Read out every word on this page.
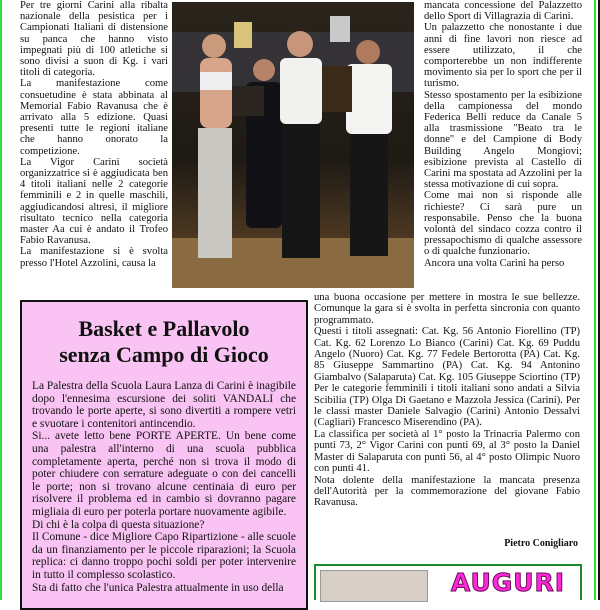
Per tre giorni Carini alla ribalta nazionale della pesistica per i Campionati Italiani di distensione su panca che hanno visto impegnati più di 100 atletiche si sono divisi a suon di Kg. i vari titoli di categoria.

La manifestazione come consuetudine è stata abbinata al Memorial Fabio Ravanusa che è arrivato alla 5 edizione. Quasi presenti tutte le regioni italiane che hanno onorato la competizione.

La Vigor Carini società organizzatrice si è aggiudicata ben 4 titoli italiani nelle 2 categorie femminili e 2 in quelle maschili, aggiudicandosi altresì, il migliore risultato tecnico nella categoria master Aa cui è andato il Trofeo Fabio Ravanusa.

La manifestazione si è svolta presso l'Hotel Azzolini, causa la

mancata concessione del Palazzetto dello Sport di Villagrazia di Carini.

Un palazzetto che nonostante i due anni di fine lavori non riesce ad essere utilizzato, il che comporterebbe un non indifferente movimento sia per lo sport che per il turismo.

Stesso spostamento per la esibizione della campionessa del mondo Federica Belli reduce da Canale 5 alla trasmissione "Beato tra le donne" e del Campione di Body Building Angelo Mongiovi; esibizione prevista al Castello di Carini ma spostata ad Azzolini per la stessa motivazione di cui sopra.

Come mai non si risponde alle richieste? Ci sarà pure un responsabile. Penso che la buona volontà del sindaco cozza contro il pressapochismo di qualche assessore o di qualche funzionario.

Ancora una volta Carini ha perso

una buona occasione per mettere in mostra le sue bellezze. Comunque la gara si è svolta in perfetta sincronia con quanto programmato.

Questi i titoli assegnati: Cat. Kg. 56 Antonio Fiorellino (TP) Cat. Kg. 62 Lorenzo Lo Bianco (Carini) Cat. Kg. 69 Puddu Angelo (Nuoro) Cat. Kg. 77 Fedele Bertorotta (PA) Cat. Kg. 85 Giuseppe Sammartino (PA) Cat. Kg. 94 Antonino Giambalvo (Salaparuta) Cat. Kg. 105 Giuseppe Sciortino (TP) Per le categorie femminili i titoli italiani sono andati a Silvia Scibilia (TP) Olga Di Gaetano e Mazzola Jessica (Carini). Per le classi master Daniele Salvagio (Carini) Antonio Dessalvi (Cagliari) Francesco Miserendino (PA).

La classifica per società al 1° posto la Trinacria Palermo con punti 73, 2° Vigor Carini con punti 69, al 3° posto la Daniel Master di Salaparuta con punti 56, al 4° posto Olimpic Nuoro con punti 41.

Nota dolente della manifestazione la mancata presenza dell'Autorità per la commemorazione del giovane Fabio Ravanusa.

Pietro Conigliaro
Basket e Pallavolo
senza Campo di Gioco

La Palestra della Scuola Laura Lanza di Carini è inagibile dopo l'ennesima escursione dei soliti VANDALI che trovando le porte aperte, si sono divertiti a rompere vetri e svuotare i contenitori antincendio.

Si... avete letto bene PORTE APERTE. Un bene come una palestra all'interno di una scuola pubblica completamente aperta, perché non si trova il modo di poter chiudere con serrature adeguate o con dei cancelli le porte; non si trovano alcune centinaia di euro per risolvere il problema ed in cambio si dovranno pagare migliaia di euro per poterla portare nuovamente agibile.

Di chi è la colpa di questa situazione?

Il Comune - dice Migliore Capo Ripartizione - alle scuole da un finanziamento per le piccole riparazioni; la Scuola replica: ci danno troppo pochi soldi per poter intervenire in tutto il complesso scolastico.

Sta di fatto che l'unica Palestra attualmente in uso della	AUGURI
